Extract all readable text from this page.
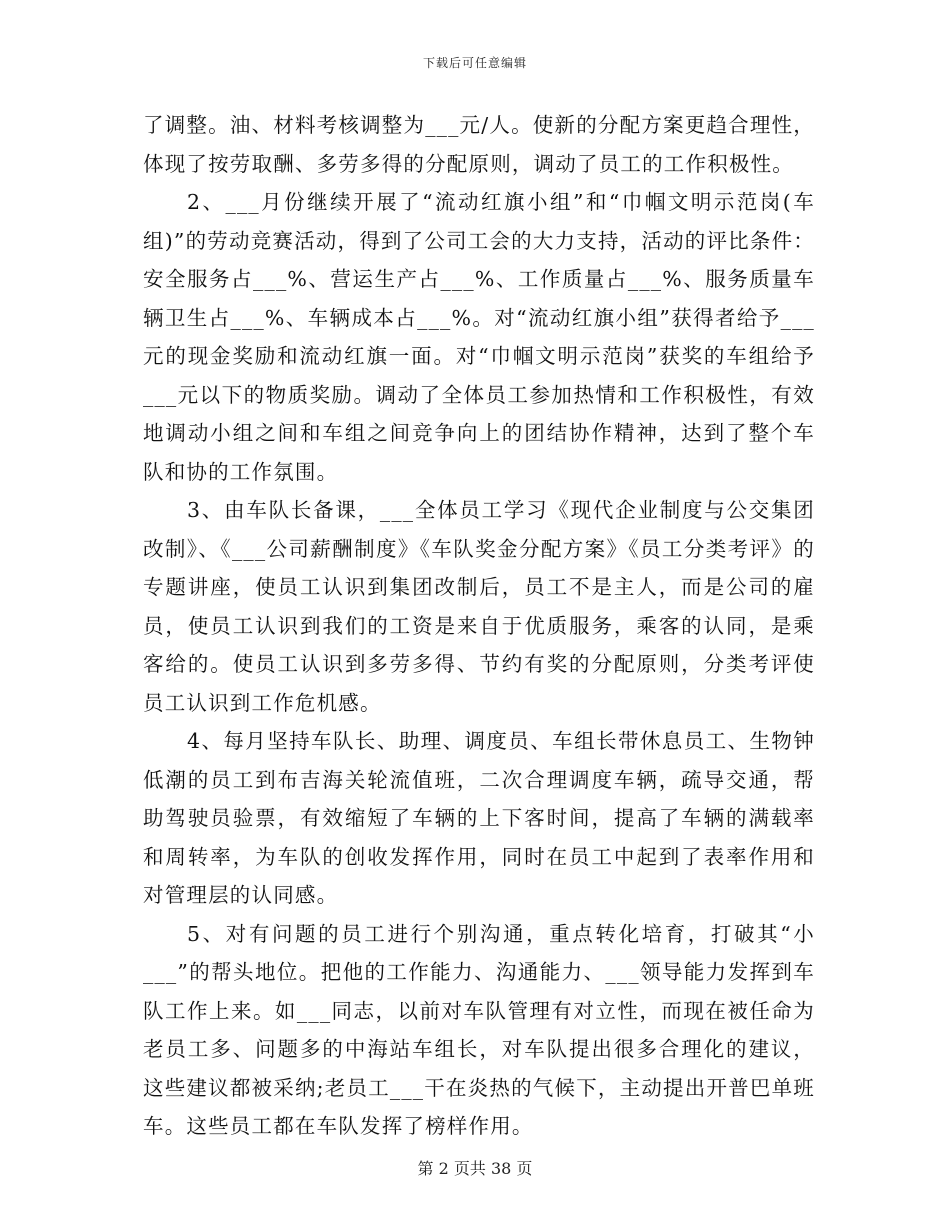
下载后可任意编辑

了调整。油、材料考核调整为___元/人。使新的分配方案更趋合理性，体现了按劳取酬、多劳多得的分配原则，调动了员工的工作积极性。

2、___月份继续开展了“流动红旗小组”和“巾帼文明示范岗(车组)”的劳动竞赛活动，得到了公司工会的大力支持，活动的评比条件：安全服务占___%、营运生产占___%、工作质量占___%、服务质量车辆卫生占___%、车辆成本占___%。对“流动红旗小组”获得者给予___元的现金奖励和流动红旗一面。对“巾帼文明示范岗”获奖的车组给予___元以下的物质奖励。调动了全体员工参加热情和工作积极性，有效地调动小组之间和车组之间竞争向上的团结协作精神，达到了整个车队和协的工作氛围。

3、由车队长备课，___全体员工学习《现代企业制度与公交集团改制》、《___公司薪酬制度》《车队奖金分配方案》《员工分类考评》的专题讲座，使员工认识到集团改制后，员工不是主人，而是公司的雇员，使员工认识到我们的工资是来自于优质服务，乘客的认同，是乘客给的。使员工认识到多劳多得、节约有奖的分配原则，分类考评使员工认识到工作危机感。

4、每月坚持车队长、助理、调度员、车组长带休息员工、生物钟低潮的员工到布吉海关轮流值班，二次合理调度车辆，疏导交通，帮助驾驶员验票，有效缩短了车辆的上下客时间，提高了车辆的满载率和周转率，为车队的创收发挥作用，同时在员工中起到了表率作用和对管理层的认同感。

5、对有问题的员工进行个别沟通，重点转化培育，打破其“小___”的帮头地位。把他的工作能力、沟通能力、___领导能力发挥到车队工作上来。如___同志，以前对车队管理有对立性，而现在被任命为老员工多、问题多的中海站车组长，对车队提出很多合理化的建议，这些建议都被采纳;老员工___干在炎热的气候下，主动提出开普巴单班车。这些员工都在车队发挥了榜样作用。

第 2 页共 38 页
